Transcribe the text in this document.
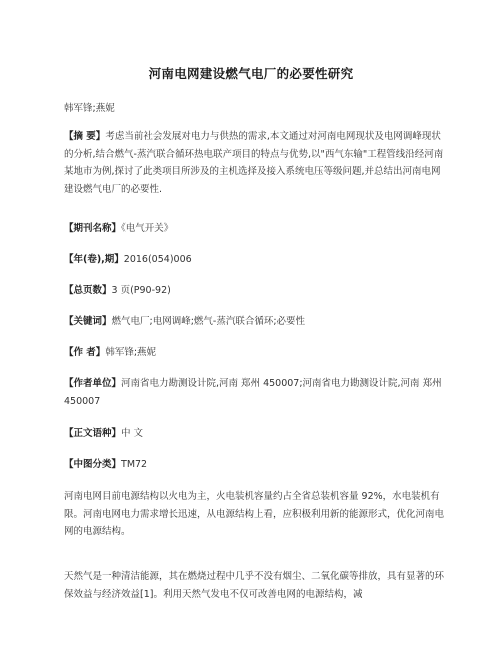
河南电网建设燃气电厂的必要性研究
韩军锋;燕妮
【摘 要】考虑当前社会发展对电力与供热的需求,本文通过对河南电网现状及电网调峰现状的分析,结合燃气-蒸汽联合循环热电联产项目的特点与优势,以"西气东输"工程管线沿经河南某地市为例,探讨了此类项目所涉及的主机选择及接入系统电压等级问题,并总结出河南电网建设燃气电厂的必要性.
【期刊名称】《电气开关》
【年(卷),期】2016(054)006
【总页数】3 页(P90-92)
【关键词】燃气电厂;电网调峰;燃气-蒸汽联合循环;必要性
【作 者】韩军锋;燕妮
【作者单位】河南省电力勘测设计院,河南 郑州 450007;河南省电力勘测设计院,河南 郑州 450007
【正文语种】中 文
【中图分类】TM72
河南电网目前电源结构以火电为主，火电装机容量约占全省总装机容量 92%，水电装机有限。河南电网电力需求增长迅速，从电源结构上看，应积极利用新的能源形式，优化河南电网的电源结构。
天然气是一种清洁能源，其在燃烧过程中几乎不没有烟尘、二氧化碳等排放，具有显著的环保效益与经济效益[1]。利用天然气发电不仅可改善电网的电源结构，减
